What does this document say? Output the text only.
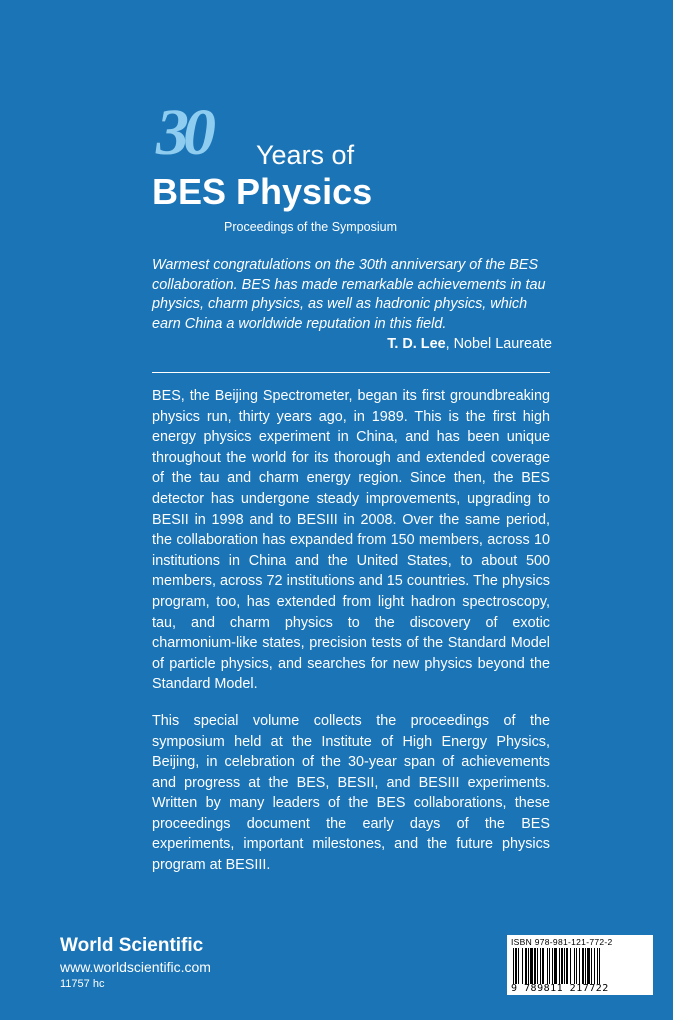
30 Years of
BES Physics
Proceedings of the Symposium

Warmest congratulations on the 30th anniversary of the BES collaboration. BES has made remarkable achievements in tau physics, charm physics, as well as hadronic physics, which earn China a worldwide reputation in this field.

T. D. Lee, Nobel Laureate

BES, the Beijing Spectrometer, began its first groundbreaking physics run, thirty years ago, in 1989. This is the first high energy physics experiment in China, and has been unique throughout the world for its thorough and extended coverage of the tau and charm energy region. Since then, the BES detector has undergone steady improvements, upgrading to BESII in 1998 and to BESIII in 2008. Over the same period, the collaboration has expanded from 150 members, across 10 institutions in China and the United States, to about 500 members, across 72 institutions and 15 countries. The physics program, too, has extended from light hadron spectroscopy, tau, and charm physics to the discovery of exotic charmonium-like states, precision tests of the Standard Model of particle physics, and searches for new physics beyond the Standard Model.

This special volume collects the proceedings of the symposium held at the Institute of High Energy Physics, Beijing, in celebration of the 30-year span of achievements and progress at the BES, BESII, and BESIII experiments. Written by many leaders of the BES collaborations, these proceedings document the early days of the BES experiments, important milestones, and the future physics program at BESIII.

World Scientific
www.worldscientific.com
11757 hc
ISBN 978-981-121-772-2
9 789811 217722
